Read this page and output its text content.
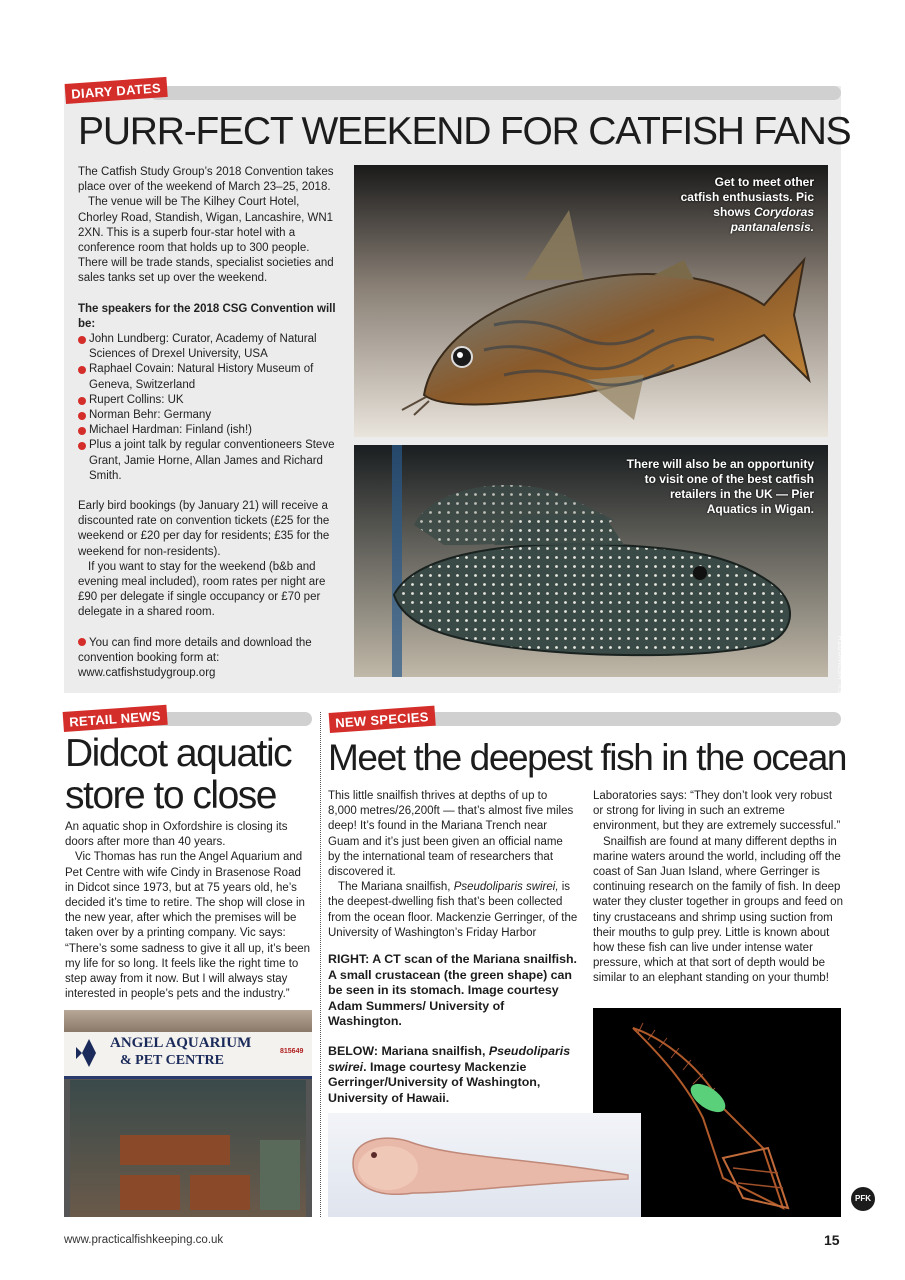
DIARY DATES
PURR-FECT WEEKEND FOR CATFISH FANS

The Catfish Study Group’s 2018 Convention takes place over of the weekend of March 23–25, 2018.

The venue will be The Kilhey Court Hotel, Chorley Road, Standish, Wigan, Lancashire, WN1 2XN. This is a superb four-star hotel with a conference room that holds up to 300 people. There will be trade stands, specialist societies and sales tanks set up over the weekend.

The speakers for the 2018 CSG Convention will be:

John Lundberg: Curator, Academy of Natural Sciences of Drexel University, USA
Raphael Covain: Natural History Museum of Geneva, Switzerland
Rupert Collins: UK
Norman Behr: Germany
Michael Hardman: Finland (ish!)
Plus a joint talk by regular conventioneers Steve Grant, Jamie Horne, Allan James and Richard Smith.

Early bird bookings (by January 21) will receive a discounted rate on convention tickets (£25 for the weekend or £20 per day for residents; £35 for the weekend for non-residents).

If you want to stay for the weekend (b&b and evening meal included), room rates per night are £90 per delegate if single occupancy or £70 per delegate in a shared room.

You can find more details and download the convention booking form at: www.catfishstudygroup.org

Get to meet other catfish enthusiasts. Pic shows Corydoras pantanalensis.
There will also be an opportunity to visit one of the best catfish retailers in the UK — Pier Aquatics in Wigan.
NEIL HEPWORTH
RETAIL NEWS
Didcot aquatic
store to close

An aquatic shop in Oxfordshire is closing its doors after more than 40 years.

Vic Thomas has run the Angel Aquarium and Pet Centre with wife Cindy in Brasenose Road in Didcot since 1973, but at 75 years old, he’s decided it’s time to retire. The shop will close in the new year, after which the premises will be taken over by a printing company. Vic says: “There’s some sadness to give it all up, it’s been my life for so long. It feels like the right time to step away from it now. But I will always stay interested in people’s pets and the industry.”

ANGEL AQUARIUM
& PET CENTRE
815649
NEW SPECIES
Meet the deepest fish in the ocean

This little snailfish thrives at depths of up to 8,000 metres/26,200ft — that’s almost five miles deep! It’s found in the Mariana Trench near Guam and it’s just been given an official name by the international team of researchers that discovered it.

The Mariana snailfish, Pseudoliparis swirei, is the deepest-dwelling fish that’s been collected from the ocean floor. Mackenzie Gerringer, of the University of Washington’s Friday Harbor

RIGHT: A CT scan of the Mariana snailfish. A small crustacean (the green shape) can be seen in its stomach. Image courtesy Adam Summers/ University of Washington.
BELOW: Mariana snailfish, Pseudoliparis swirei. Image courtesy Mackenzie Gerringer/University of Washington, University of Hawaii.

Laboratories says: “They don’t look very robust or strong for living in such an extreme environment, but they are extremely successful.”

Snailfish are found at many different depths in marine waters around the world, including off the coast of San Juan Island, where Gerringer is continuing research on the family of fish. In deep water they cluster together in groups and feed on tiny crustaceans and shrimp using suction from their mouths to gulp prey. Little is known about how these fish can live under intense water pressure, which at that sort of depth would be similar to an elephant standing on your thumb!

www.practicalfishkeeping.co.uk	15
PFK
